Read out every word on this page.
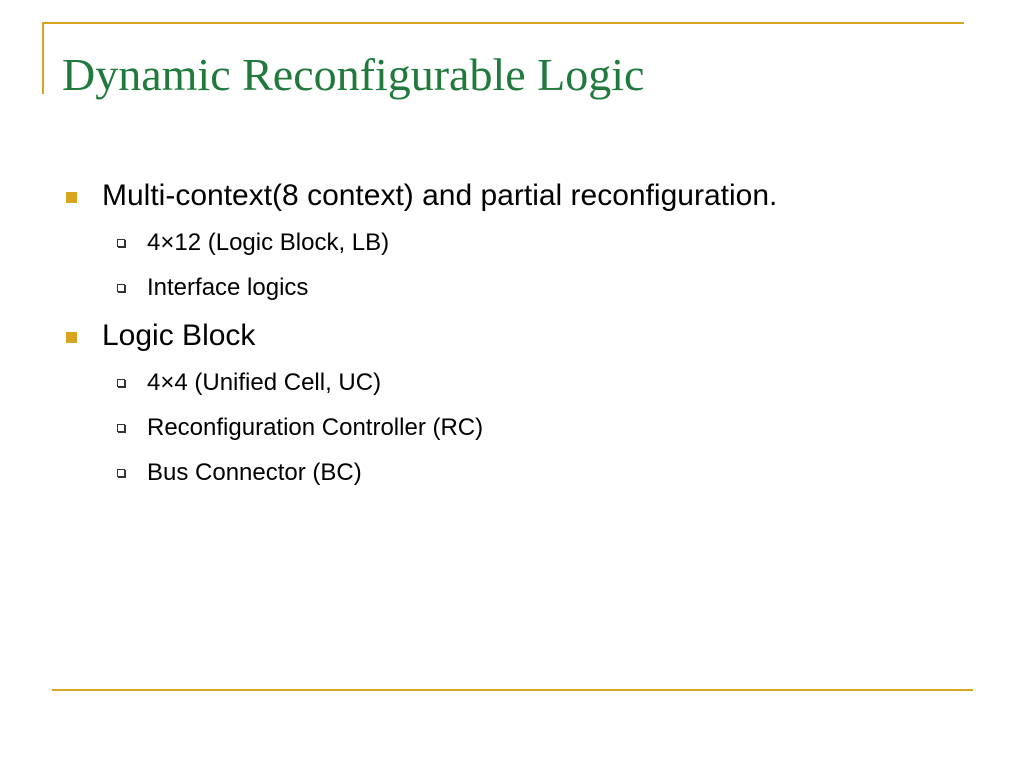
Dynamic Reconfigurable Logic
Multi-context(8 context) and partial reconfiguration.
4×12 (Logic Block, LB)
Interface logics
Logic Block
4×4 (Unified Cell, UC)
Reconfiguration Controller (RC)
Bus Connector (BC)
